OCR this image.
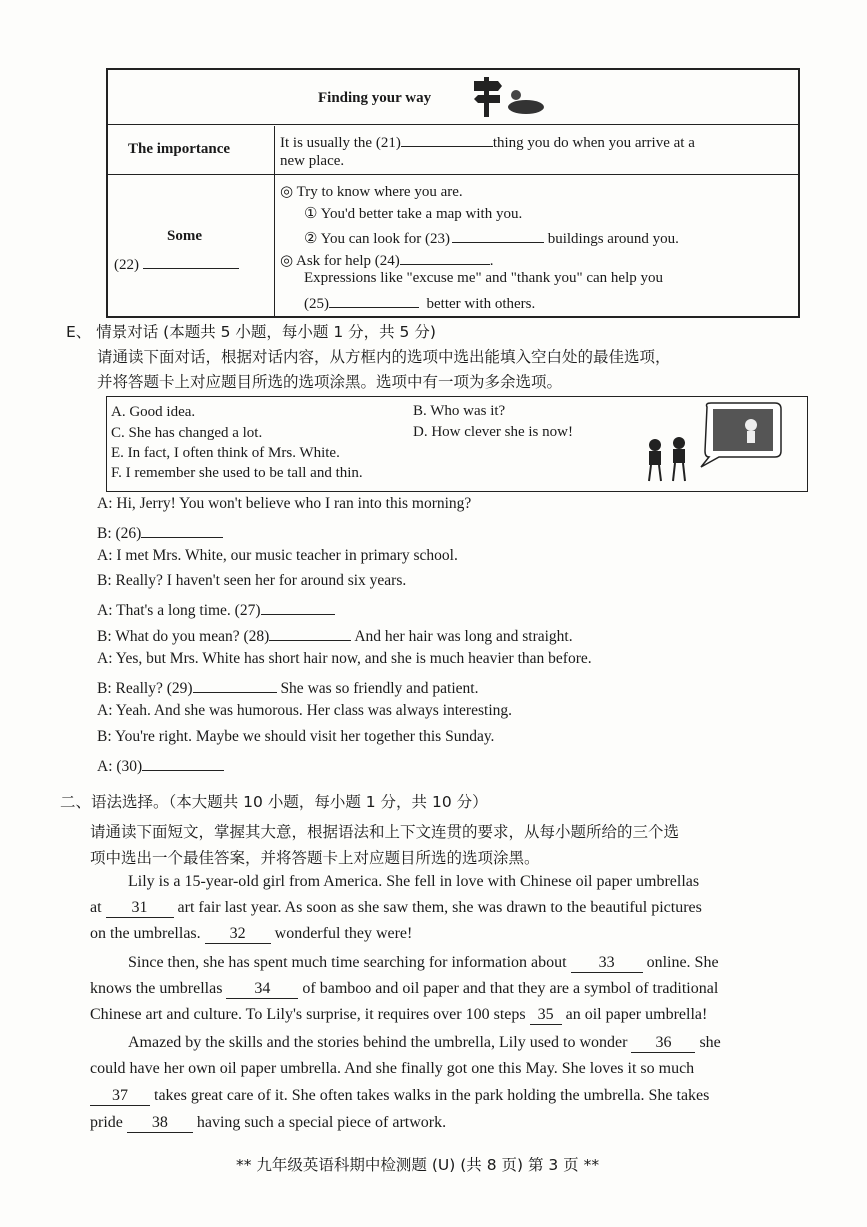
Finding your way
The importance	It is usually the (21)	thing you do when you arrive at a
new place.
Some
(22)
◎ Try to know where you are.
① You'd better take a map with you.
② You can look for (23)	buildings around you.
◎ Ask for help (24)	.
Expressions like "excuse me" and "thank you" can help you
(25)	better with others.
E、 情景对话 (本题共 5 小题，每小题 1 分，共 5 分)
请通读下面对话，根据对话内容，从方框内的选项中选出能填入空白处的最佳选项，
并将答题卡上对应题目所选的选项涂黑。选项中有一项为多余选项。
A. Good idea.	B. Who was it?
C. She has changed a lot.	D. How clever she is now!
E. In fact, I often think of Mrs. White.
F. I remember she used to be tall and thin.
A: Hi, Jerry! You won't believe who I ran into this morning?
B: (26)
A: I met Mrs. White, our music teacher in primary school.
B: Really? I haven't seen her for around six years.
A: That's a long time. (27)
B: What do you mean? (28)	And her hair was long and straight.
A: Yes, but Mrs. White has short hair now, and she is much heavier than before.
B: Really? (29)	She was so friendly and patient.
A: Yeah. And she was humorous. Her class was always interesting.
B: You're right. Maybe we should visit her together this Sunday.
A: (30)
二、语法选择。（本大题共 10 小题，每小题 1 分，共 10 分）
请通读下面短文，掌握其大意，根据语法和上下文连贯的要求，从每小题所给的三个选
项中选出一个最佳答案，并将答题卡上对应题目所选的选项涂黑。
Lily is a 15-year-old girl from America. She fell in love with Chinese oil paper umbrellas
at 31 art fair last year. As soon as she saw them, she was drawn to the beautiful pictures
on the umbrellas. 32 wonderful they were!
Since then, she has spent much time searching for information about 33 online. She
knows the umbrellas 34 of bamboo and oil paper and that they are a symbol of traditional
Chinese art and culture. To Lily's surprise, it requires over 100 steps 35 an oil paper umbrella!
Amazed by the skills and the stories behind the umbrella, Lily used to wonder 36 she
could have her own oil paper umbrella. And she finally got one this May. She loves it so much
37 takes great care of it. She often takes walks in the park holding the umbrella. She takes
pride 38 having such a special piece of artwork.
** 九年级英语科期中检测题 (U) (共 8 页) 第 3 页 **
